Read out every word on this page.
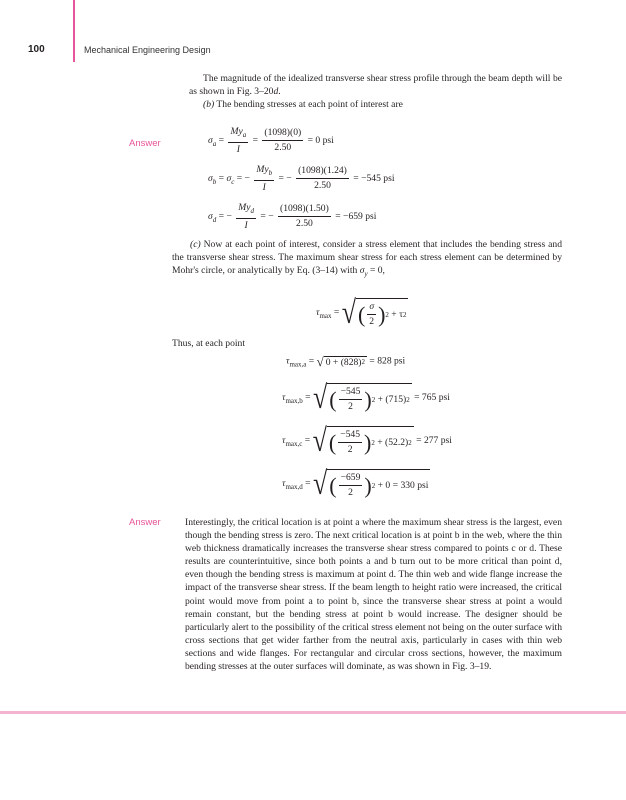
100	Mechanical Engineering Design

The magnitude of the idealized transverse shear stress profile through the beam depth will be as shown in Fig. 3–20d.

(b) The bending stresses at each point of interest are

Answer	$\sigma_a = \frac{My_a}{I} = \frac{(1098)(0)}{2.50} = 0$ psi
$\sigma_b = \sigma_c$ = − $\frac{My_b}{I}$ = − $\frac{(1098)(1.24)}{2.50} = -545$ psi
$\sigma_d$ = − $\frac{My_d}{I}$ = − $\frac{(1098)(1.50)}{2.50} = -659$ psi

(c) Now at each point of interest, consider a stress element that includes the bending stress and the transverse shear stress. The maximum shear stress for each stress element can be determined by Mohr's circle, or analytically by Eq. (3–14) with $\sigma_y = 0$,

$\tau_{max}$ = √ ( $\frac{\sigma}{2}$ ) 2
+ τ 2
Thus, at each point
$\tau_{max,a}$ = √ 0 + (828) 2 = 828 psi
$\tau_{max,b}$ = √ ( $\frac{-545}{2}$ ) 2
+ (715) 2 = 765 psi
$\tau_{max,c}$ = √ ( $\frac{-545}{2}$ ) 2
+ (52.2) 2 = 277 psi
$\tau_{max,d}$ = √ ( $\frac{-659}{2}$ ) 2
+ 0 = 330 psi
Answer	Interestingly, the critical location is at point a where the maximum shear stress is the largest, even though the bending stress is zero. The next critical location is at point b in the web, where the thin web thickness dramatically increases the transverse shear stress compared to points c or d. These results are counterintuitive, since both points a and b turn out to be more critical than point d, even though the bending stress is maximum at point d. The thin web and wide flange increase the impact of the transverse shear stress. If the beam length to height ratio were increased, the critical point would move from point a to point b, since the transverse shear stress at point a would remain constant, but the bending stress at point b would increase. The designer should be particularly alert to the possibility of the critical stress element not being on the outer surface with cross sections that get wider farther from the neutral axis, particularly in cases with thin web sections and wide flanges. For rectangular and circular cross sections, however, the maximum bending stresses at the outer surfaces will dominate, as was shown in Fig. 3–19.
